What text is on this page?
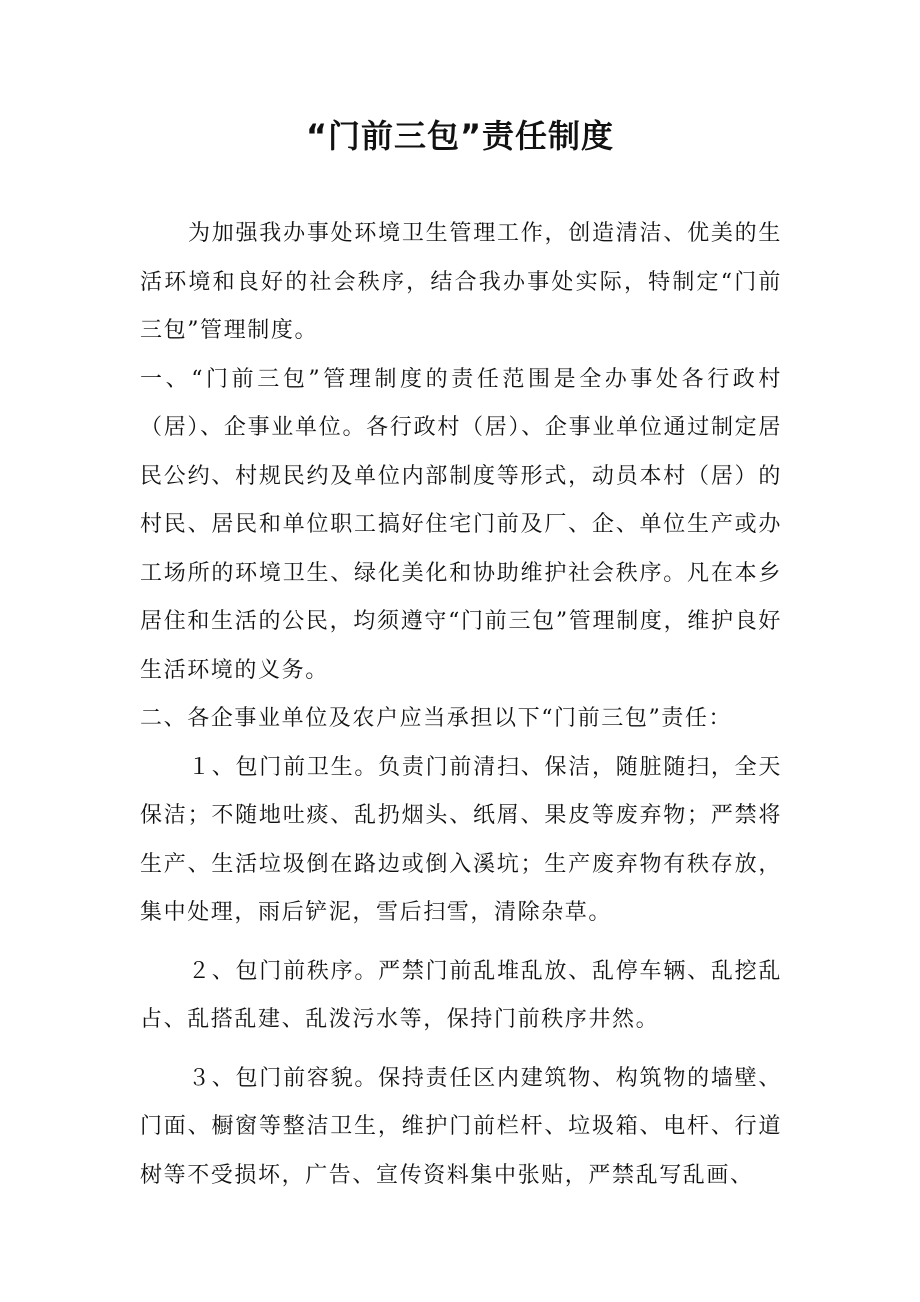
“门前三包”责任制度

为加强我办事处环境卫生管理工作，创造清洁、优美的生活环境和良好的社会秩序，结合我办事处实际，特制定“门前三包”管理制度。

一、“门前三包”管理制度的责任范围是全办事处各行政村（居）、企事业单位。各行政村（居）、企事业单位通过制定居民公约、村规民约及单位内部制度等形式，动员本村（居）的村民、居民和单位职工搞好住宅门前及厂、企、单位生产或办工场所的环境卫生、绿化美化和协助维护社会秩序。凡在本乡居住和生活的公民，均须遵守“门前三包”管理制度，维护良好生活环境的义务。

二、各企事业单位及农户应当承担以下“门前三包”责任：

１、包门前卫生。负责门前清扫、保洁，随脏随扫，全天保洁；不随地吐痰、乱扔烟头、纸屑、果皮等废弃物；严禁将生产、生活垃圾倒在路边或倒入溪坑；生产废弃物有秩存放，集中处理，雨后铲泥，雪后扫雪，清除杂草。

２、包门前秩序。严禁门前乱堆乱放、乱停车辆、乱挖乱占、乱搭乱建、乱泼污水等，保持门前秩序井然。

３、包门前容貌。保持责任区内建筑物、构筑物的墙壁、门面、橱窗等整洁卫生，维护门前栏杆、垃圾箱、电杆、行道树等不受损坏，广告、宣传资料集中张贴，严禁乱写乱画、
